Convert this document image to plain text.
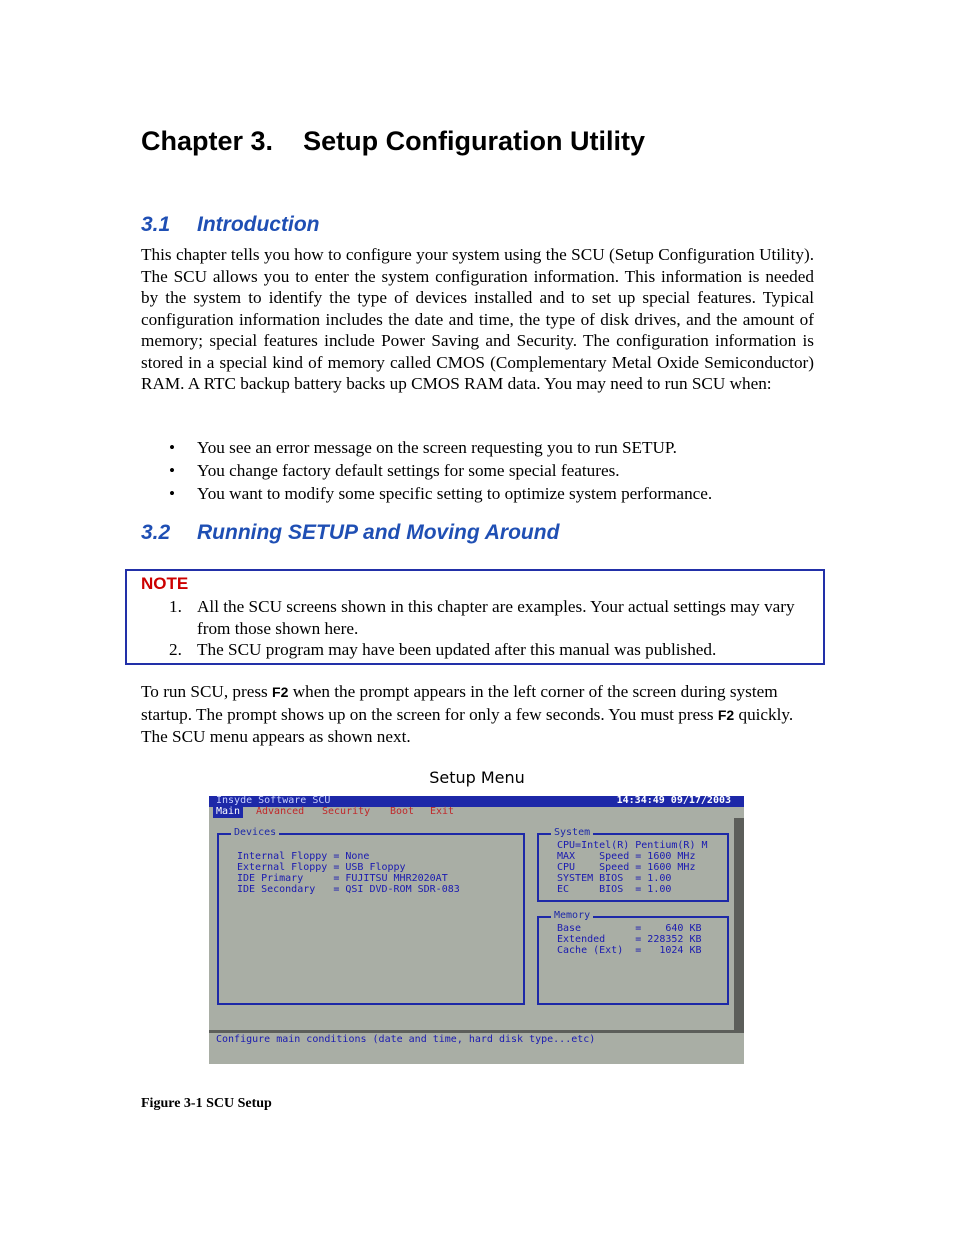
Chapter 3. Setup Configuration Utility
3.1 Introduction

This chapter tells you how to configure your system using the SCU (Setup Configuration Utility). The SCU allows you to enter the system configuration information. This information is needed by the system to identify the type of devices installed and to set up special features. Typical configuration information includes the date and time, the type of disk drives, and the amount of memory; special features include Power Saving and Security. The configuration information is stored in a special kind of memory called CMOS (Complementary Metal Oxide Semiconductor) RAM. A RTC backup battery backs up CMOS RAM data. You may need to run SCU when:

• You see an error message on the screen requesting you to run SETUP.
• You change factory default settings for some special features.
• You want to modify some specific setting to optimize system performance.
3.2 Running SETUP and Moving Around
NOTE
1. All the SCU screens shown in this chapter are examples. Your actual settings may vary from those shown here.
2. The SCU program may have been updated after this manual was published.

To run SCU, press F2 when the prompt appears in the left corner of the screen during system startup. The prompt shows up on the screen for only a few seconds. You must press F2 quickly. The SCU menu appears as shown next.

Setup Menu
Insyde Software SCU	14:34:49 09/17/2003
Main	Advanced Security Boot Exit
Devices
Internal Floppy = None
External Floppy = USB Floppy
IDE Primary     = FUJITSU MHR2020AT
IDE Secondary   = QSI DVD-ROM SDR-083
System
CPU=Intel(R) Pentium(R) M
MAX    Speed = 1600 MHz
CPU    Speed = 1600 MHz
SYSTEM BIOS  = 1.00
EC     BIOS  = 1.00
Memory
Base         =    640 KB
Extended     = 228352 KB
Cache (Ext)  =   1024 KB
Configure main conditions (date and time, hard disk type...etc)
Figure 3-1 SCU Setup
